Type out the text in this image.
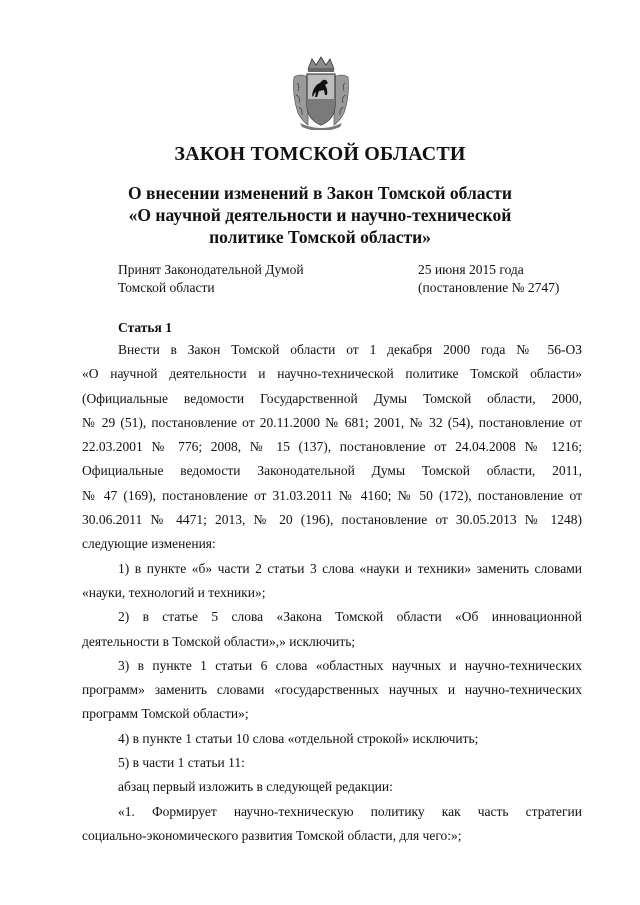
ЗАКОН ТОМСКОЙ ОБЛАСТИ
О внесении изменений в Закон Томской области
«О научной деятельности и научно-технической
политике Томской области»
Принят Законодательной Думой
Томской области
25 июня 2015 года
(постановление № 2747)
Статья 1
Внести в Закон Томской области от 1 декабря 2000 года № 56-ОЗ
«О научной деятельности и научно-технической политике Томской области»
(Официальные ведомости Государственной Думы Томской области, 2000,
№ 29 (51), постановление от 20.11.2000 № 681; 2001, № 32 (54), постановление от
22.03.2001 № 776; 2008, № 15 (137), постановление от 24.04.2008 № 1216;
Официальные ведомости Законодательной Думы Томской области, 2011,
№ 47 (169), постановление от 31.03.2011 № 4160; № 50 (172), постановление от
30.06.2011 № 4471; 2013, № 20 (196), постановление от 30.05.2013 № 1248)
следующие изменения:
1) в пункте «б» части 2 статьи 3 слова «науки и техники» заменить словами
«науки, технологий и техники»;
2) в статье 5 слова «Закона Томской области «Об инновационной
деятельности в Томской области»,» исключить;
3) в пункте 1 статьи 6 слова «областных научных и научно-технических
программ» заменить словами «государственных научных и научно-технических
программ Томской области»;
4) в пункте 1 статьи 10 слова «отдельной строкой» исключить;
5) в части 1 статьи 11:
абзац первый изложить в следующей редакции:
«1. Формирует научно-техническую политику как часть стратегии
социально-экономического развития Томской области, для чего:»;
